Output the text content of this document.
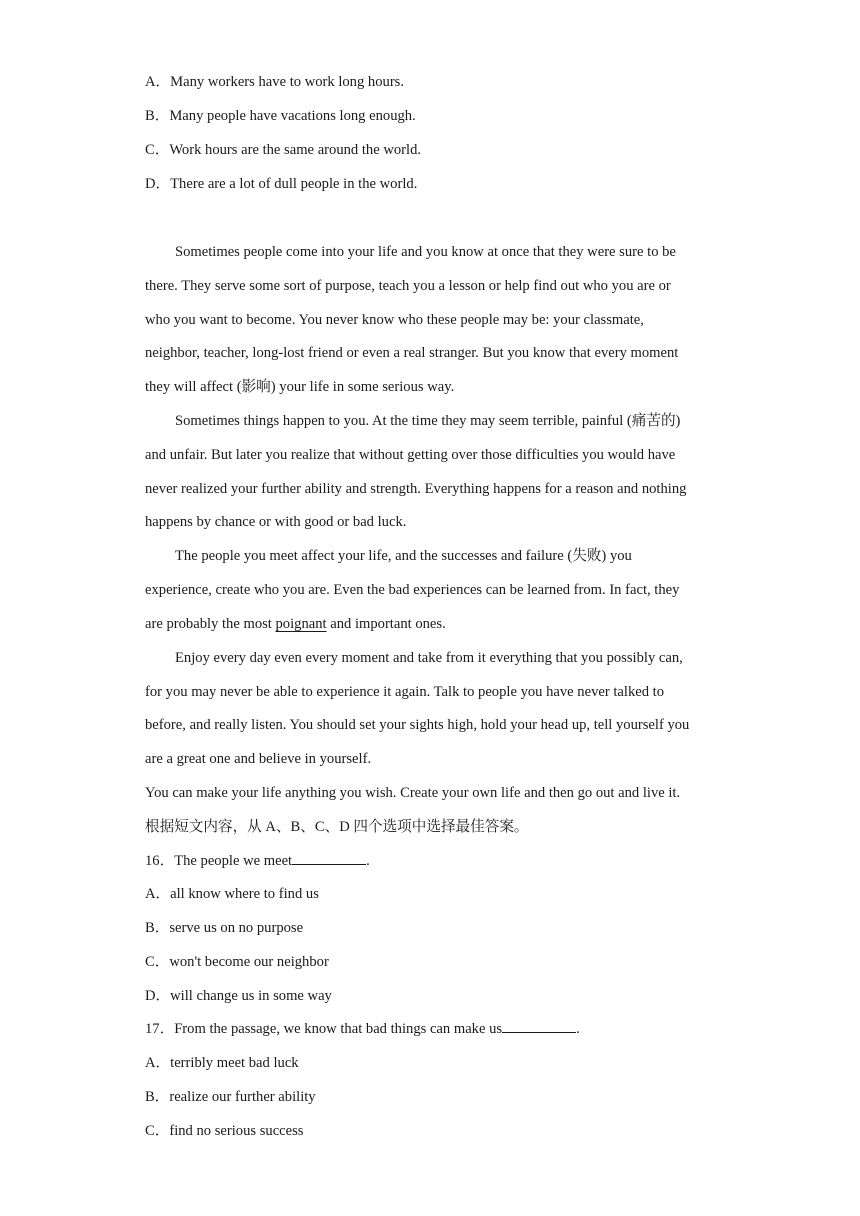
A．Many workers have to work long hours.
B．Many people have vacations long enough.
C．Work hours are the same around the world.
D．There are a lot of dull people in the world.
Sometimes people come into your life and you know at once that they were sure to be
there. They serve some sort of purpose, teach you a lesson or help find out who you are or
who you want to become. You never know who these people may be: your classmate,
neighbor, teacher, long-lost friend or even a real stranger. But you know that every moment
they will affect (影响) your life in some serious way.
Sometimes things happen to you. At the time they may seem terrible, painful (痛苦的)
and unfair. But later you realize that without getting over those difficulties you would have
never realized your further ability and strength. Everything happens for a reason and nothing
happens by chance or with good or bad luck.
The people you meet affect your life, and the successes and failure (失败) you
experience, create who you are. Even the bad experiences can be learned from. In fact, they
are probably the most poignant and important ones.
Enjoy every day even every moment and take from it everything that you possibly can,
for you may never be able to experience it again. Talk to people you have never talked to
before, and really listen. You should set your sights high, hold your head up, tell yourself you
are a great one and believe in yourself.
You can make your life anything you wish. Create your own life and then go out and live it.
根据短文内容，从 A、B、C、D 四个选项中选择最佳答案。
16．The people we meet	.
A．all know where to find us
B．serve us on no purpose
C．won't become our neighbor
D．will change us in some way
17．From the passage, we know that bad things can make us	.
A．terribly meet bad luck
B．realize our further ability
C．find no serious success
